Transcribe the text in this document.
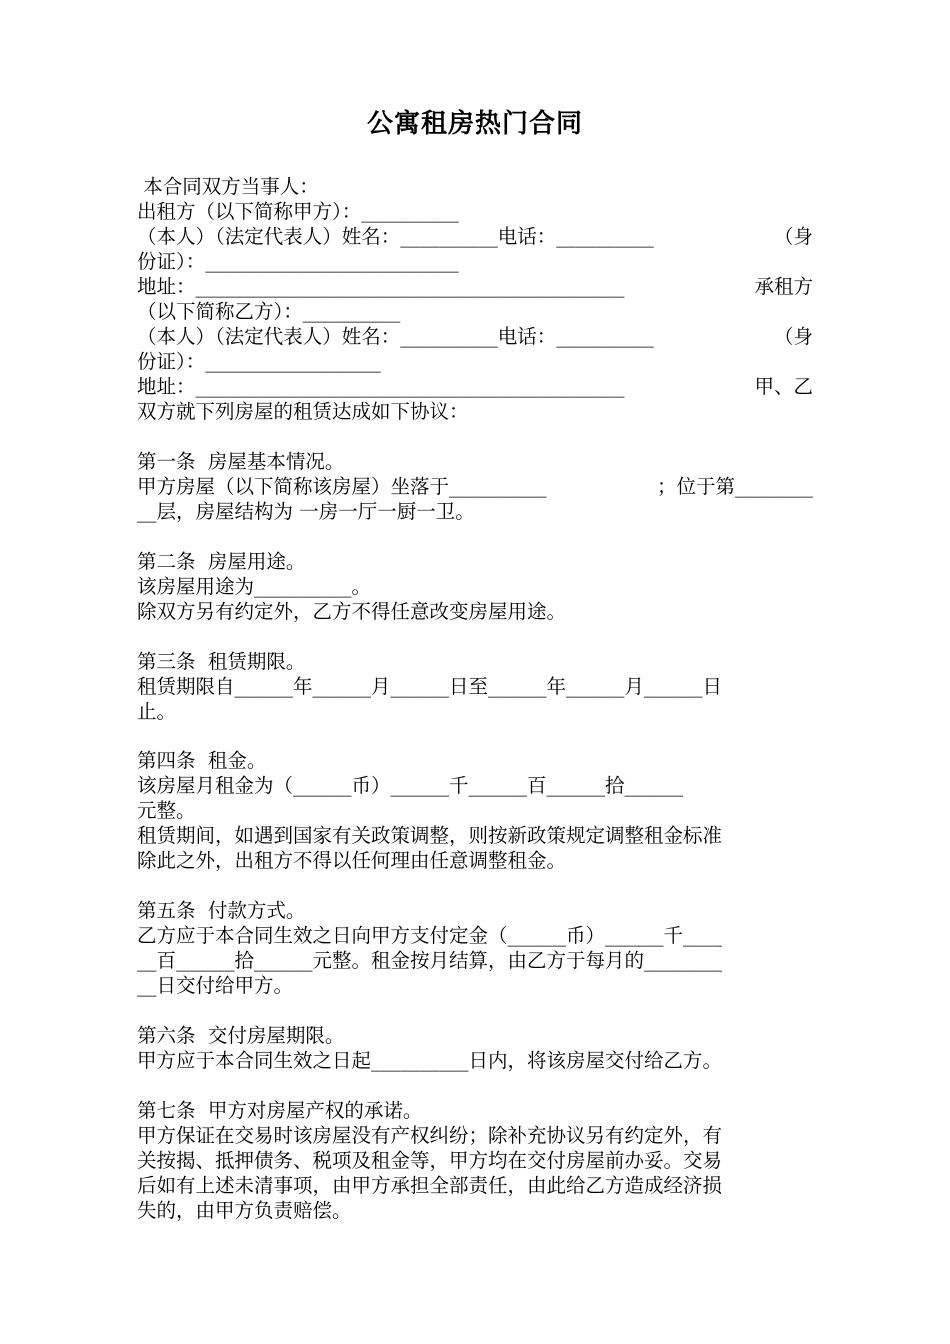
公寓租房热门合同
本合同双方当事人：
出租方（以下简称甲方）：__________
（本人）（法定代表人）姓名：__________电话：__________	（身
份证）：__________________________
地址：____________________________________________	承租方
（以下简称乙方）：__________
（本人）（法定代表人）姓名：__________电话：__________	（身
份证）：__________________
地址：____________________________________________	甲、乙
双方就下列房屋的租赁达成如下协议：
第一条  房屋基本情况。
甲方房屋（以下简称该房屋）坐落于__________	；位于第________
__层，房屋结构为 一房一厅一厨一卫。
第二条  房屋用途。
该房屋用途为__________。
除双方另有约定外，乙方不得任意改变房屋用途。
第三条  租赁期限。
租赁期限自______年______月______日至______年______月______日
止。
第四条  租金。
该房屋月租金为（______币）______千______百______拾______
元整。
租赁期间，如遇到国家有关政策调整，则按新政策规定调整租金标准
除此之外，出租方不得以任何理由任意调整租金。
第五条  付款方式。
乙方应于本合同生效之日向甲方支付定金（______币）______千____
__百______拾______元整。租金按月结算，由乙方于每月的________
__日交付给甲方。
第六条  交付房屋期限。
甲方应于本合同生效之日起__________日内，将该房屋交付给乙方。
第七条  甲方对房屋产权的承诺。
甲方保证在交易时该房屋没有产权纠纷；除补充协议另有约定外，有
关按揭、抵押债务、税项及租金等，甲方均在交付房屋前办妥。交易
后如有上述未清事项，由甲方承担全部责任，由此给乙方造成经济损
失的，由甲方负责赔偿。
